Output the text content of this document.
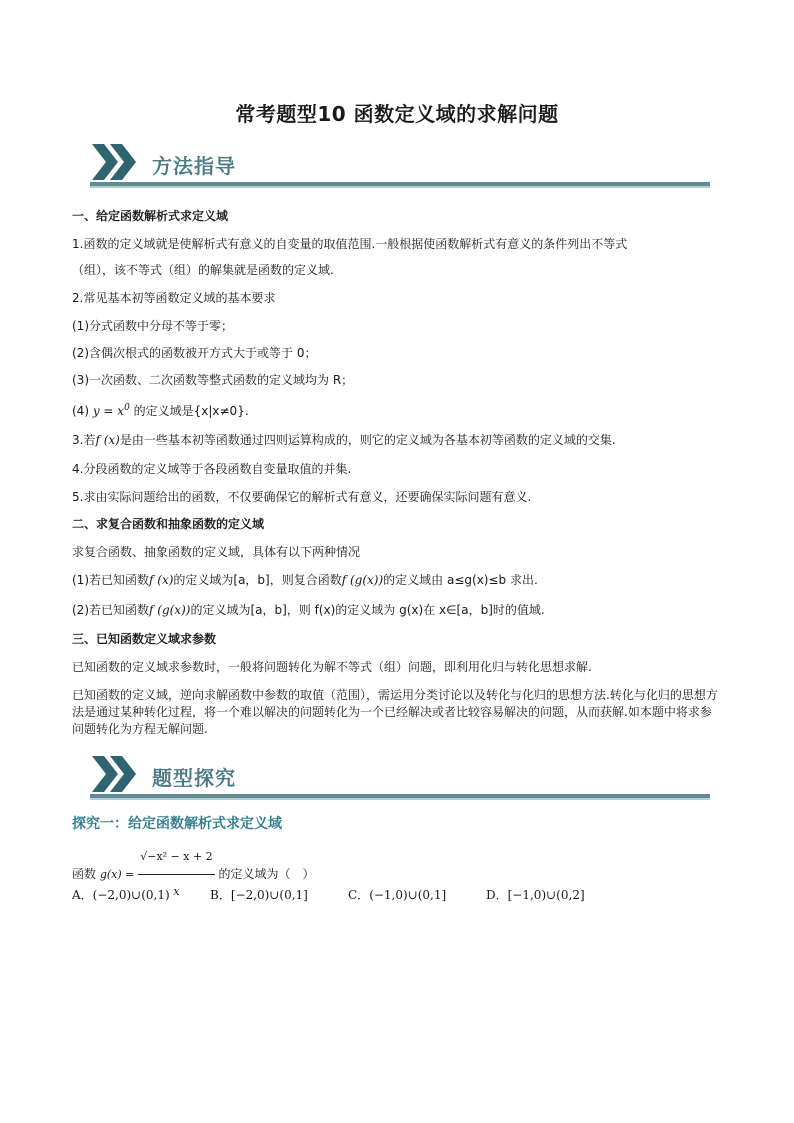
常考题型10 函数定义域的求解问题
方法指导
一、给定函数解析式求定义域
1.函数的定义域就是使解析式有意义的自变量的取值范围.一般根据使函数解析式有意义的条件列出不等式
（组），该不等式（组）的解集就是函数的定义域.
2.常见基本初等函数定义域的基本要求
(1)分式函数中分母不等于零；
(2)含偶次根式的函数被开方式大于或等于 0；
(3)一次函数、二次函数等整式函数的定义域均为 R；
(4) $y = x^0$ 的定义域是{x|x≠0}.
3.若f (x)是由一些基本初等函数通过四则运算构成的，则它的定义域为各基本初等函数的定义域的交集.
4.分段函数的定义域等于各段函数自变量取值的并集.
5.求由实际问题给出的函数，不仅要确保它的解析式有意义，还要确保实际问题有意义.
二、求复合函数和抽象函数的定义域
求复合函数、抽象函数的定义域，具体有以下两种情况
(1)若已知函数f (x)的定义域为[a，b]，则复合函数f (g(x))的定义域由 a≤g(x)≤b 求出.
(2)若已知函数f (g(x))的定义域为[a，b]，则 f(x)的定义域为 g(x)在 x∈[a，b]时的值域.
三、已知函数定义域求参数
已知函数的定义域求参数时，一般将问题转化为解不等式（组）问题，即利用化归与转化思想求解.
已知函数的定义域，逆向求解函数中参数的取值（范围），需运用分类讨论以及转化与化归的思想方法.转化与化归的思想方法是通过某种转化过程，将一个难以解决的问题转化为一个已经解决或者比较容易解决的问题，从而获解.如本题中将求参问题转化为方程无解问题.
题型探究
探究一：给定函数解析式求定义域
函数 $g(x) = \frac{\text{√−x² − x + 2}}{x}$ 的定义域为（　）
A．(−2,0)∪(0,1)	B．[−2,0)∪(0,1]	C．(−1,0)∪(0,1]	D．[−1,0)∪(0,2]
